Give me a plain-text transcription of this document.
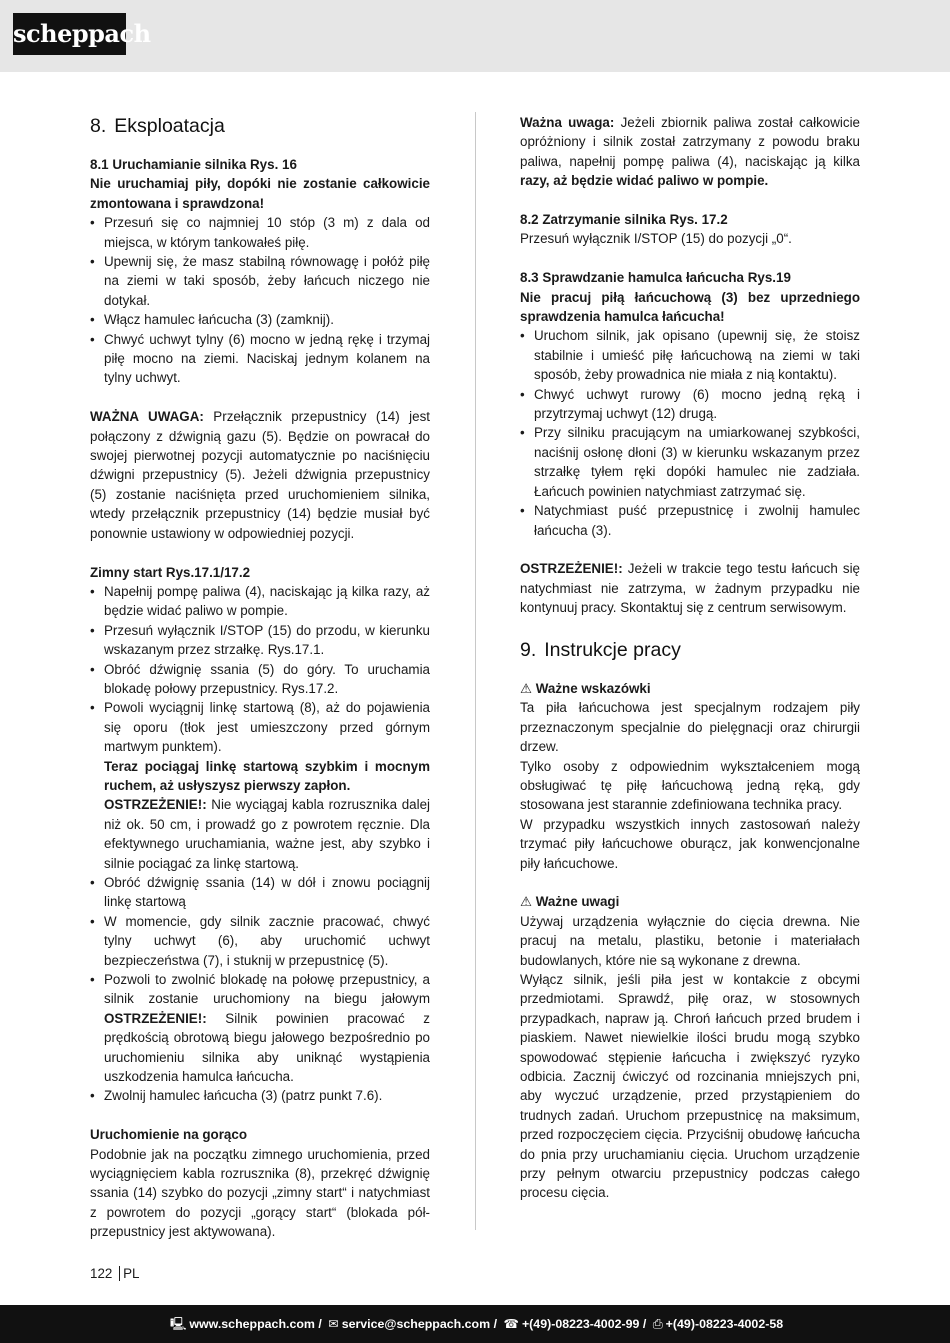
scheppach
8. Eksploatacja

8.1 Uruchamianie silnika Rys. 16

Nie uruchamiaj piły, dopóki nie zostanie całkowicie zmontowana i sprawdzona!

• Przesuń się co najmniej 10 stóp (3 m) z dala od miejsca, w którym tankowałeś piłę.
• Upewnij się, że masz stabilną równowagę i połóż piłę na ziemi w taki sposób, żeby łańcuch niczego nie dotykał.
• Włącz hamulec łańcucha (3) (zamknij).
• Chwyć uchwyt tylny (6) mocno w jedną rękę i trzymaj piłę mocno na ziemi. Naciskaj jednym kolanem na tylny uchwyt.

WAŻNA UWAGA: Przełącznik przepustnicy (14) jest połączony z dźwignią gazu (5). Będzie on powracał do swojej pierwotnej pozycji automatycznie po naciśnięciu dźwigni przepustnicy (5). Jeżeli dźwignia przepustnicy (5) zostanie naciśnięta przed uruchomieniem silnika, wtedy przełącznik przepustnicy (14) będzie musiał być ponownie ustawiony w odpowiedniej pozycji.

Zimny start Rys.17.1/17.2

• Napełnij pompę paliwa (4), naciskając ją kilka razy, aż będzie widać paliwo w pompie.
• Przesuń wyłącznik I/STOP (15) do przodu, w kierunku wskazanym przez strzałkę. Rys.17.1.
• Obróć dźwignię ssania (5) do góry. To uruchamia blokadę połowy przepustnicy. Rys.17.2.
• Powoli wyciągnij linkę startową (8), aż do pojawienia się oporu (tłok jest umieszczony przed górnym martwym punktem).
Teraz pociągaj linkę startową szybkim i mocnym ruchem, aż usłyszysz pierwszy zapłon.
OSTRZEŻENIE!: Nie wyciągaj kabla rozrusznika dalej niż ok. 50 cm, i prowadź go z powrotem ręcznie. Dla efektywnego uruchamiania, ważne jest, aby szybko i silnie pociągać za linkę startową.
• Obróć dźwignię ssania (14) w dół i znowu pociągnij linkę startową
• W momencie, gdy silnik zacznie pracować, chwyć tylny uchwyt (6), aby uruchomić uchwyt bezpieczeństwa (7), i stuknij w przepustnicę (5).
• Pozwoli to zwolnić blokadę na połowę przepustnicy, a silnik zostanie uruchomiony na biegu jałowym OSTRZEŻENIE!: Silnik powinien pracować z prędkością obrotową biegu jałowego bezpośrednio po uruchomieniu silnika aby uniknąć wystąpienia uszkodzenia hamulca łańcucha.
• Zwolnij hamulec łańcucha (3) (patrz punkt 7.6).

Uruchomienie na gorąco

Podobnie jak na początku zimnego uruchomienia, przed wyciągnięciem kabla rozrusznika (8), przekręć dźwignię ssania (14) szybko do pozycji „zimny start“ i natychmiast z powrotem do pozycji „gorący start“ (blokada pół-przepustnicy jest aktywowana).

Ważna uwaga: Jeżeli zbiornik paliwa został całkowicie opróżniony i silnik został zatrzymany z powodu braku paliwa, napełnij pompę paliwa (4), naciskając ją kilka razy, aż będzie widać paliwo w pompie.

8.2 Zatrzymanie silnika Rys. 17.2

Przesuń wyłącznik I/STOP (15) do pozycji „0“.

8.3 Sprawdzanie hamulca łańcucha Rys.19

Nie pracuj piłą łańcuchową (3) bez uprzedniego sprawdzenia hamulca łańcucha!

• Uruchom silnik, jak opisano (upewnij się, że stoisz stabilnie i umieść piłę łańcuchową na ziemi w taki sposób, żeby prowadnica nie miała z nią kontaktu).
• Chwyć uchwyt rurowy (6) mocno jedną ręką i przytrzymaj uchwyt (12) drugą.
• Przy silniku pracującym na umiarkowanej szybkości, naciśnij osłonę dłoni (3) w kierunku wskazanym przez strzałkę tyłem ręki dopóki hamulec nie zadziała. Łańcuch powinien natychmiast zatrzymać się.
• Natychmiast puść przepustnicę i zwolnij hamulec łańcucha (3).

OSTRZEŻENIE!: Jeżeli w trakcie tego testu łańcuch się natychmiast nie zatrzyma, w żadnym przypadku nie kontynuuj pracy. Skontaktuj się z centrum serwisowym.

9. Instrukcje pracy

⚠ Ważne wskazówki

Ta piła łańcuchowa jest specjalnym rodzajem piły przeznaczonym specjalnie do pielęgnacji oraz chirurgii drzew.

Tylko osoby z odpowiednim wykształceniem mogą obsługiwać tę piłę łańcuchową jedną ręką, gdy stosowana jest starannie zdefiniowana technika pracy.

W przypadku wszystkich innych zastosowań należy trzymać piły łańcuchowe oburącz, jak konwencjonalne piły łańcuchowe.

⚠ Ważne uwagi

Używaj urządzenia wyłącznie do cięcia drewna. Nie pracuj na metalu, plastiku, betonie i materiałach budowlanych, które nie są wykonane z drewna.

Wyłącz silnik, jeśli piła jest w kontakcie z obcymi przedmiotami. Sprawdź, piłę oraz, w stosownych przypadkach, napraw ją. Chroń łańcuch przed brudem i piaskiem. Nawet niewielkie ilości brudu mogą szybko spowodować stępienie łańcucha i zwiększyć ryzyko odbicia. Zacznij ćwiczyć od rozcinania mniejszych pni, aby wyczuć urządzenie, przed przystąpieniem do trudnych zadań. Uruchom przepustnicę na maksimum, przed rozpoczęciem cięcia. Przyciśnij obudowę łańcucha do pnia przy uruchamianiu cięcia. Uruchom urządzenie przy pełnym otwarciu przepustnicy podczas całego procesu cięcia.

122 PL
🖳 www.scheppach.com / ✉ service@scheppach.com / ☎ +(49)-08223-4002-99 / ⎙ +(49)-08223-4002-58
